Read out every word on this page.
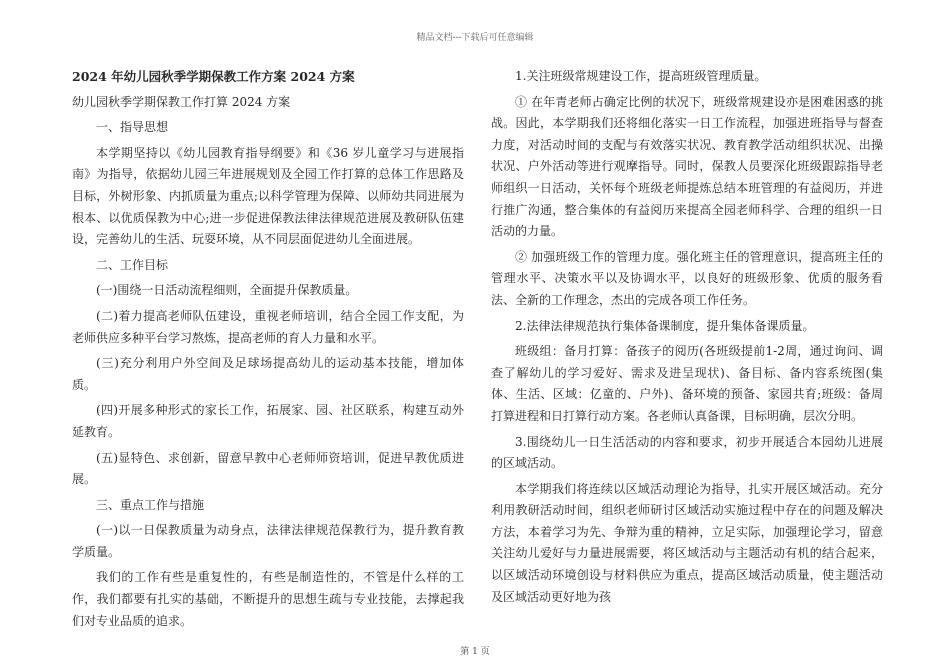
精品文档---下载后可任意编辑

2024 年幼儿园秋季学期保教工作方案 2024 方案

幼儿园秋季学期保教工作打算 2024 方案

一、指导思想

本学期坚持以《幼儿园教育指导纲要》和《36 岁儿童学习与进展指南》为指导，依据幼儿园三年进展规划及全园工作打算的总体工作思路及目标，外树形象、内抓质量为重点;以科学管理为保障、以师幼共同进展为根本、以优质保教为中心;进一步促进保教法律法律规范进展及教研队伍建设，完善幼儿的生活、玩耍环境，从不同层面促进幼儿全面进展。

二、工作目标

(一)围绕一日活动流程细则，全面提升保教质量。

(二)着力提高老师队伍建设，重视老师培训，结合全园工作支配，为老师供应多种平台学习熬炼，提高老师的育人力量和水平。

(三)充分利用户外空间及足球场提高幼儿的运动基本技能，增加体质。

(四)开展多种形式的家长工作，拓展家、园、社区联系，构建互动外延教育。

(五)显特色、求创新，留意早教中心老师师资培训，促进早教优质进展。

三、重点工作与措施

(一)以一日保教质量为动身点，法律法律规范保教行为，提升教育教学质量。

我们的工作有些是重复性的，有些是制造性的，不管是什么样的工作，我们都要有扎实的基础，不断提升的思想生疏与专业技能，去撑起我们对专业品质的追求。

1.关注班级常规建设工作，提高班级管理质量。

① 在年青老师占确定比例的状况下，班级常规建设亦是困难困惑的挑战。因此，本学期我们还将细化落实一日工作流程，加强进班指导与督查力度，对活动时间的支配与有效落实状况、教育教学活动组织状况、出操状况、户外活动等进行观摩指导。同时，保教人员要深化班级跟踪指导老师组织一日活动，关怀每个班级老师提炼总结本班管理的有益阅历，并进行推广沟通，整合集体的有益阅历来提高全园老师科学、合理的组织一日活动的力量。

② 加强班级工作的管理力度。强化班主任的管理意识，提高班主任的管理水平、决策水平以及协调水平，以良好的班级形象、优质的服务看法、全新的工作理念，杰出的完成各项工作任务。

2.法律法律规范执行集体备课制度，提升集体备课质量。

班级组：备月打算：备孩子的阅历(各班级提前1-2周，通过询问、调查了解幼儿的学习爱好、需求及进呈现状)、备目标、备内容系统图(集体、生活、区域：亿童的、户外)、备环境的预备、家园共育;班级：备周打算进程和日打算行动方案。各老师认真备课，目标明确，层次分明。

3.围绕幼儿一日生活活动的内容和要求，初步开展适合本园幼儿进展的区域活动。

本学期我们将连续以区域活动理论为指导，扎实开展区域活动。充分利用教研活动时间，组织老师研讨区域活动实施过程中存在的问题及解决方法，本着学习为先、争辩为重的精神，立足实际，加强理论学习，留意关注幼儿爱好与力量进展需要，将区域活动与主题活动有机的结合起来，以区域活动环境创设与材料供应为重点，提高区域活动质量，使主题活动及区域活动更好地为孩

第 1 页
